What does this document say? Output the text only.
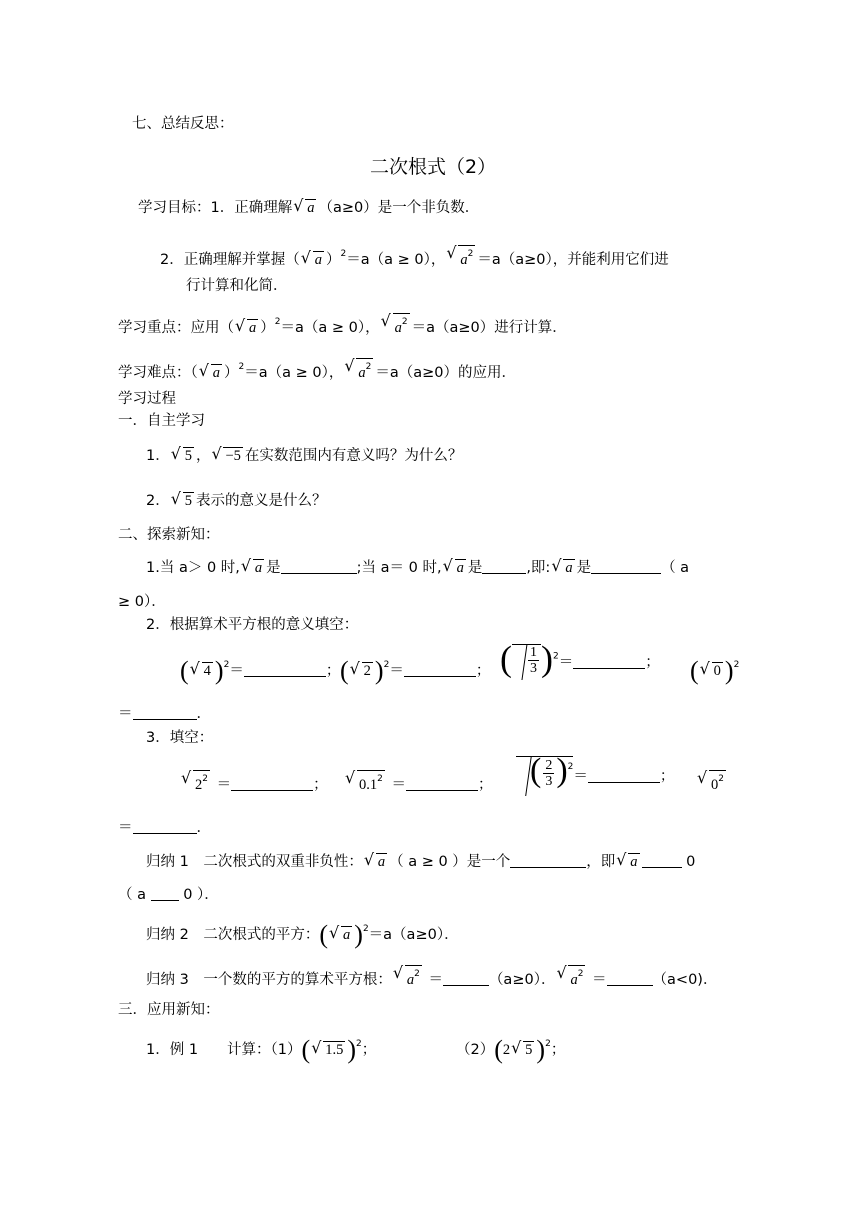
七、总结反思：
二次根式（2）
学习目标：1．正确理解 √ a （a≥0）是一个非负数．
2．正确理解并掌握（ √ a ）$^2$＝a（a ≥ 0）， √ $a^2 =a(a\ge 0)$，并能利用它们进
行计算和化简．
学习重点：应用（ √ a ）$^2$＝a（a ≥ 0）， √ $a^2 =a(a\ge 0)$进行计算．
学习难点：（ √ a ）$^2$＝a（a ≥ 0）， √ $a^2 =a(a\ge 0)$的应用．
学习过程
一．自主学习
1． √ 5 ， √ −5 在实数范围内有意义吗？为什么？
2． √ 5 表示的意义是什么？
二、探索新知：
1.当 a＞ 0 时, √ a 是	;当 a＝ 0 时, √ a 是	,即: √ a 是	（ a
≥ 0）．
2．根据算术平方根的意义填空：
( √ 4 )$^2$＝	； ( √ 2 )$^2$＝	； ( $\frac{1}{3} )^2=$	； ( √ 0 )$^2$
＝	．
3．填空：
√ $2^2$ ＝	；	√ $0.1^2$ ＝	；	( $\frac{2}{3} )^2=$	；
√ $0^2$
＝	．
归纳 1　二次根式的双重非负性： √ a （ a ≥ 0 ）是一个	，即 √ a	0
（ a	0 ）．
归纳 2　二次根式的平方：( √ a )$^2$＝a（a≥0）．
归纳 3　一个数的平方的算术平方根： √ $a^2$ ＝	（a≥0）． √ $a^2$ ＝	（a<0)．
三．应用新知：
1．例 1　　计算：（1）( √ 1.5 )$^2$；	（2）(2 √ 5 )$^2$；
